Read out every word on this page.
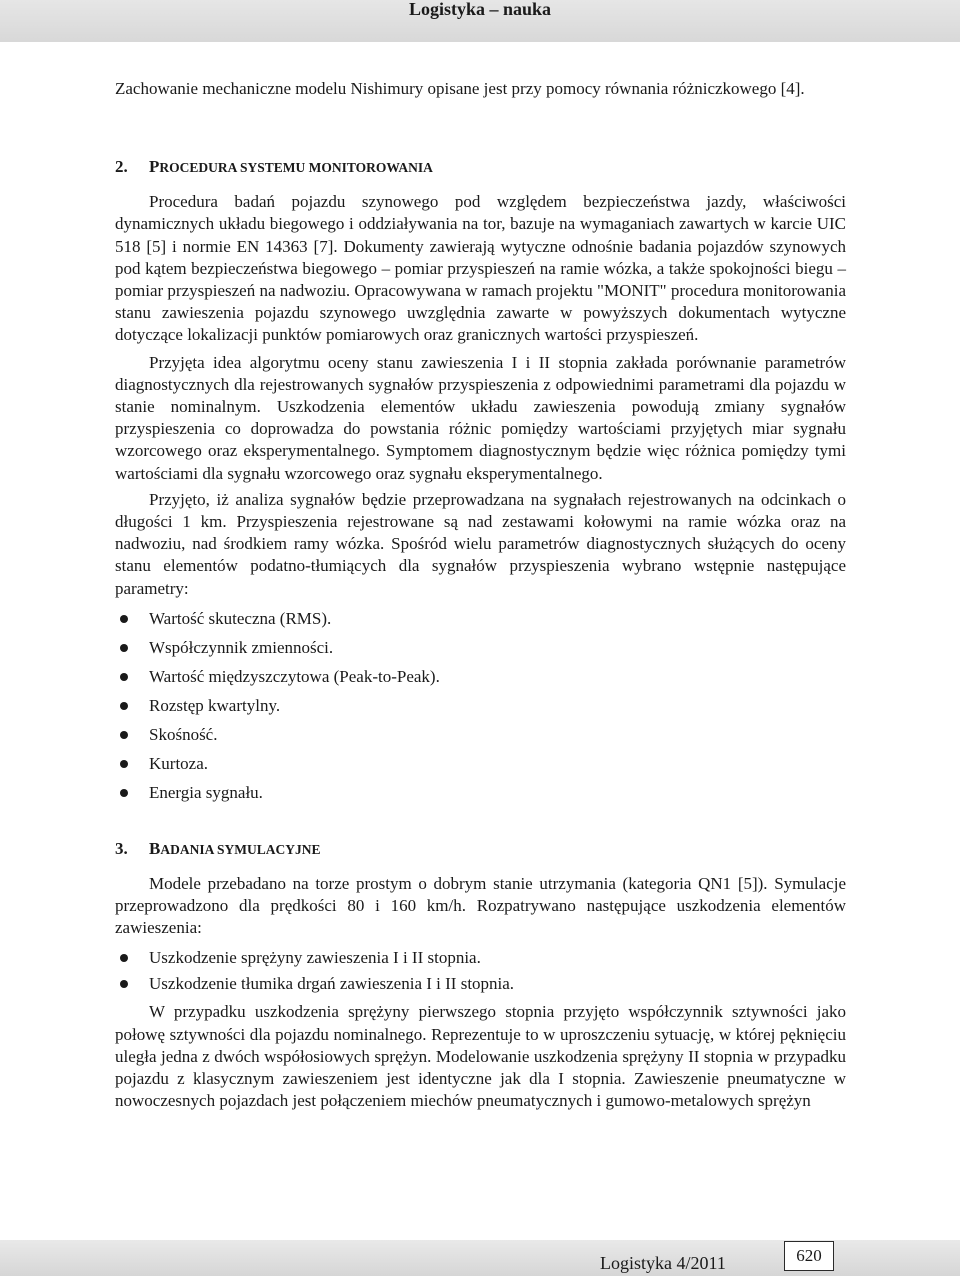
Logistyka – nauka

Zachowanie mechaniczne modelu Nishimury opisane jest przy pomocy równania różniczkowego [4].

2. PROCEDURA SYSTEMU MONITOROWANIA

Procedura badań pojazdu szynowego pod względem bezpieczeństwa jazdy, właściwości dynamicznych układu biegowego i oddziaływania na tor, bazuje na wymaganiach zawartych w karcie UIC 518 [5] i normie EN 14363 [7]. Dokumenty zawierają wytyczne odnośnie badania pojazdów szynowych pod kątem bezpieczeństwa biegowego – pomiar przyspieszeń na ramie wózka, a także spokojności biegu – pomiar przyspieszeń na nadwoziu. Opracowywana w ramach projektu "MONIT" procedura monitorowania stanu zawieszenia pojazdu szynowego uwzględnia zawarte w powyższych dokumentach wytyczne dotyczące lokalizacji punktów pomiarowych oraz granicznych wartości przyspieszeń.

Przyjęta idea algorytmu oceny stanu zawieszenia I i II stopnia zakłada porównanie parametrów diagnostycznych dla rejestrowanych sygnałów przyspieszenia z odpowiednimi parametrami dla pojazdu w stanie nominalnym. Uszkodzenia elementów układu zawieszenia powodują zmiany sygnałów przyspieszenia co doprowadza do powstania różnic pomiędzy wartościami przyjętych miar sygnału wzorcowego oraz eksperymentalnego. Symptomem diagnostycznym będzie więc różnica pomiędzy tymi wartościami dla sygnału wzorcowego oraz sygnału eksperymentalnego.

Przyjęto, iż analiza sygnałów będzie przeprowadzana na sygnałach rejestrowanych na odcinkach o długości 1 km. Przyspieszenia rejestrowane są nad zestawami kołowymi na ramie wózka oraz na nadwoziu, nad środkiem ramy wózka. Spośród wielu parametrów diagnostycznych służących do oceny stanu elementów podatno-tłumiących dla sygnałów przyspieszenia wybrano wstępnie następujące parametry:

Wartość skuteczna (RMS).
Współczynnik zmienności.
Wartość międzyszczytowa (Peak-to-Peak).
Rozstęp kwartylny.
Skośność.
Kurtoza.
Energia sygnału.
3. BADANIA SYMULACYJNE

Modele przebadano na torze prostym o dobrym stanie utrzymania (kategoria QN1 [5]). Symulacje przeprowadzono dla prędkości 80 i 160 km/h. Rozpatrywano następujące uszkodzenia elementów zawieszenia:

Uszkodzenie sprężyny zawieszenia I i II stopnia.
Uszkodzenie tłumika drgań zawieszenia I i II stopnia.

W przypadku uszkodzenia sprężyny pierwszego stopnia przyjęto współczynnik sztywności jako połowę sztywności dla pojazdu nominalnego. Reprezentuje to w uproszczeniu sytuację, w której pęknięciu uległa jedna z dwóch współosiowych sprężyn. Modelowanie uszkodzenia sprężyny II stopnia w przypadku pojazdu z klasycznym zawieszeniem jest identyczne jak dla I stopnia. Zawieszenie pneumatyczne w nowoczesnych pojazdach jest połączeniem miechów pneumatycznych i gumowo-metalowych sprężyn

Logistyka 4/2011	620
